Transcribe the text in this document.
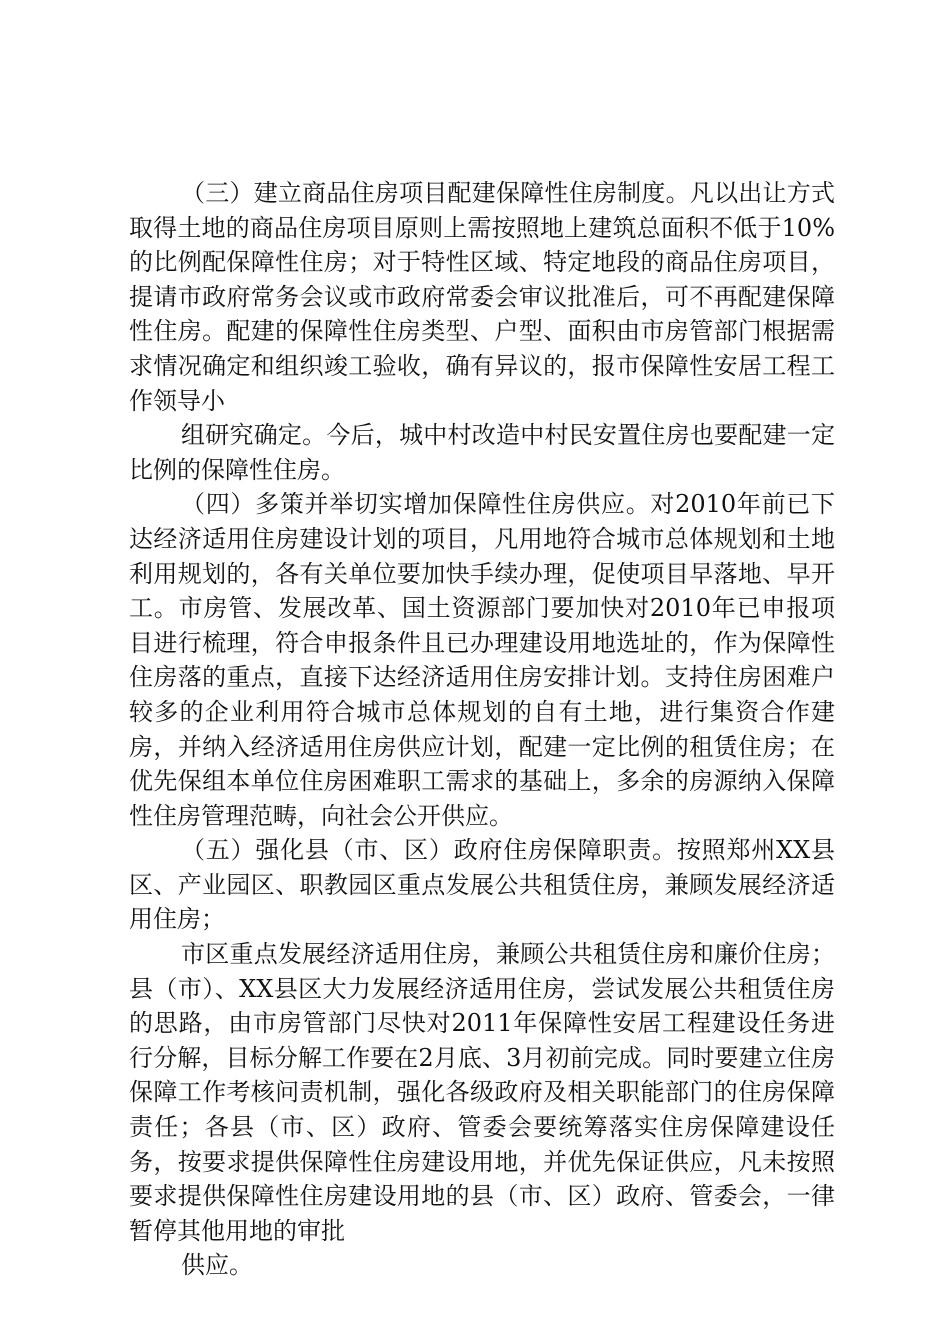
（三）建立商品住房项目配建保障性住房制度。凡以出让方式取得土地的商品住房项目原则上需按照地上建筑总面积不低于10%的比例配保障性住房；对于特性区域、特定地段的商品住房项目，提请市政府常务会议或市政府常委会审议批准后，可不再配建保障性住房。配建的保障性住房类型、户型、面积由市房管部门根据需求情况确定和组织竣工验收，确有异议的，报市保障性安居工程工作领导小

组研究确定。今后，城中村改造中村民安置住房也要配建一定比例的保障性住房。

（四）多策并举切实增加保障性住房供应。对2010年前已下达经济适用住房建设计划的项目，凡用地符合城市总体规划和土地利用规划的，各有关单位要加快手续办理，促使项目早落地、早开工。市房管、发展改革、国土资源部门要加快对2010年已申报项目进行梳理，符合申报条件且已办理建设用地选址的，作为保障性住房落的重点，直接下达经济适用住房安排计划。支持住房困难户较多的企业利用符合城市总体规划的自有土地，进行集资合作建房，并纳入经济适用住房供应计划，配建一定比例的租赁住房；在优先保组本单位住房困难职工需求的基础上，多余的房源纳入保障性住房管理范畴，向社会公开供应。

（五）强化县（市、区）政府住房保障职责。按照郑州XX县区、产业园区、职教园区重点发展公共租赁住房，兼顾发展经济适用住房；

市区重点发展经济适用住房，兼顾公共租赁住房和廉价住房；县（市）、XX县区大力发展经济适用住房，尝试发展公共租赁住房的思路，由市房管部门尽快对2011年保障性安居工程建设任务进行分解，目标分解工作要在2月底、3月初前完成。同时要建立住房保障工作考核问责机制，强化各级政府及相关职能部门的住房保障责任；各县（市、区）政府、管委会要统筹落实住房保障建设任务，按要求提供保障性住房建设用地，并优先保证供应，凡未按照要求提供保障性住房建设用地的县（市、区）政府、管委会，一律暂停其他用地的审批

供应。
